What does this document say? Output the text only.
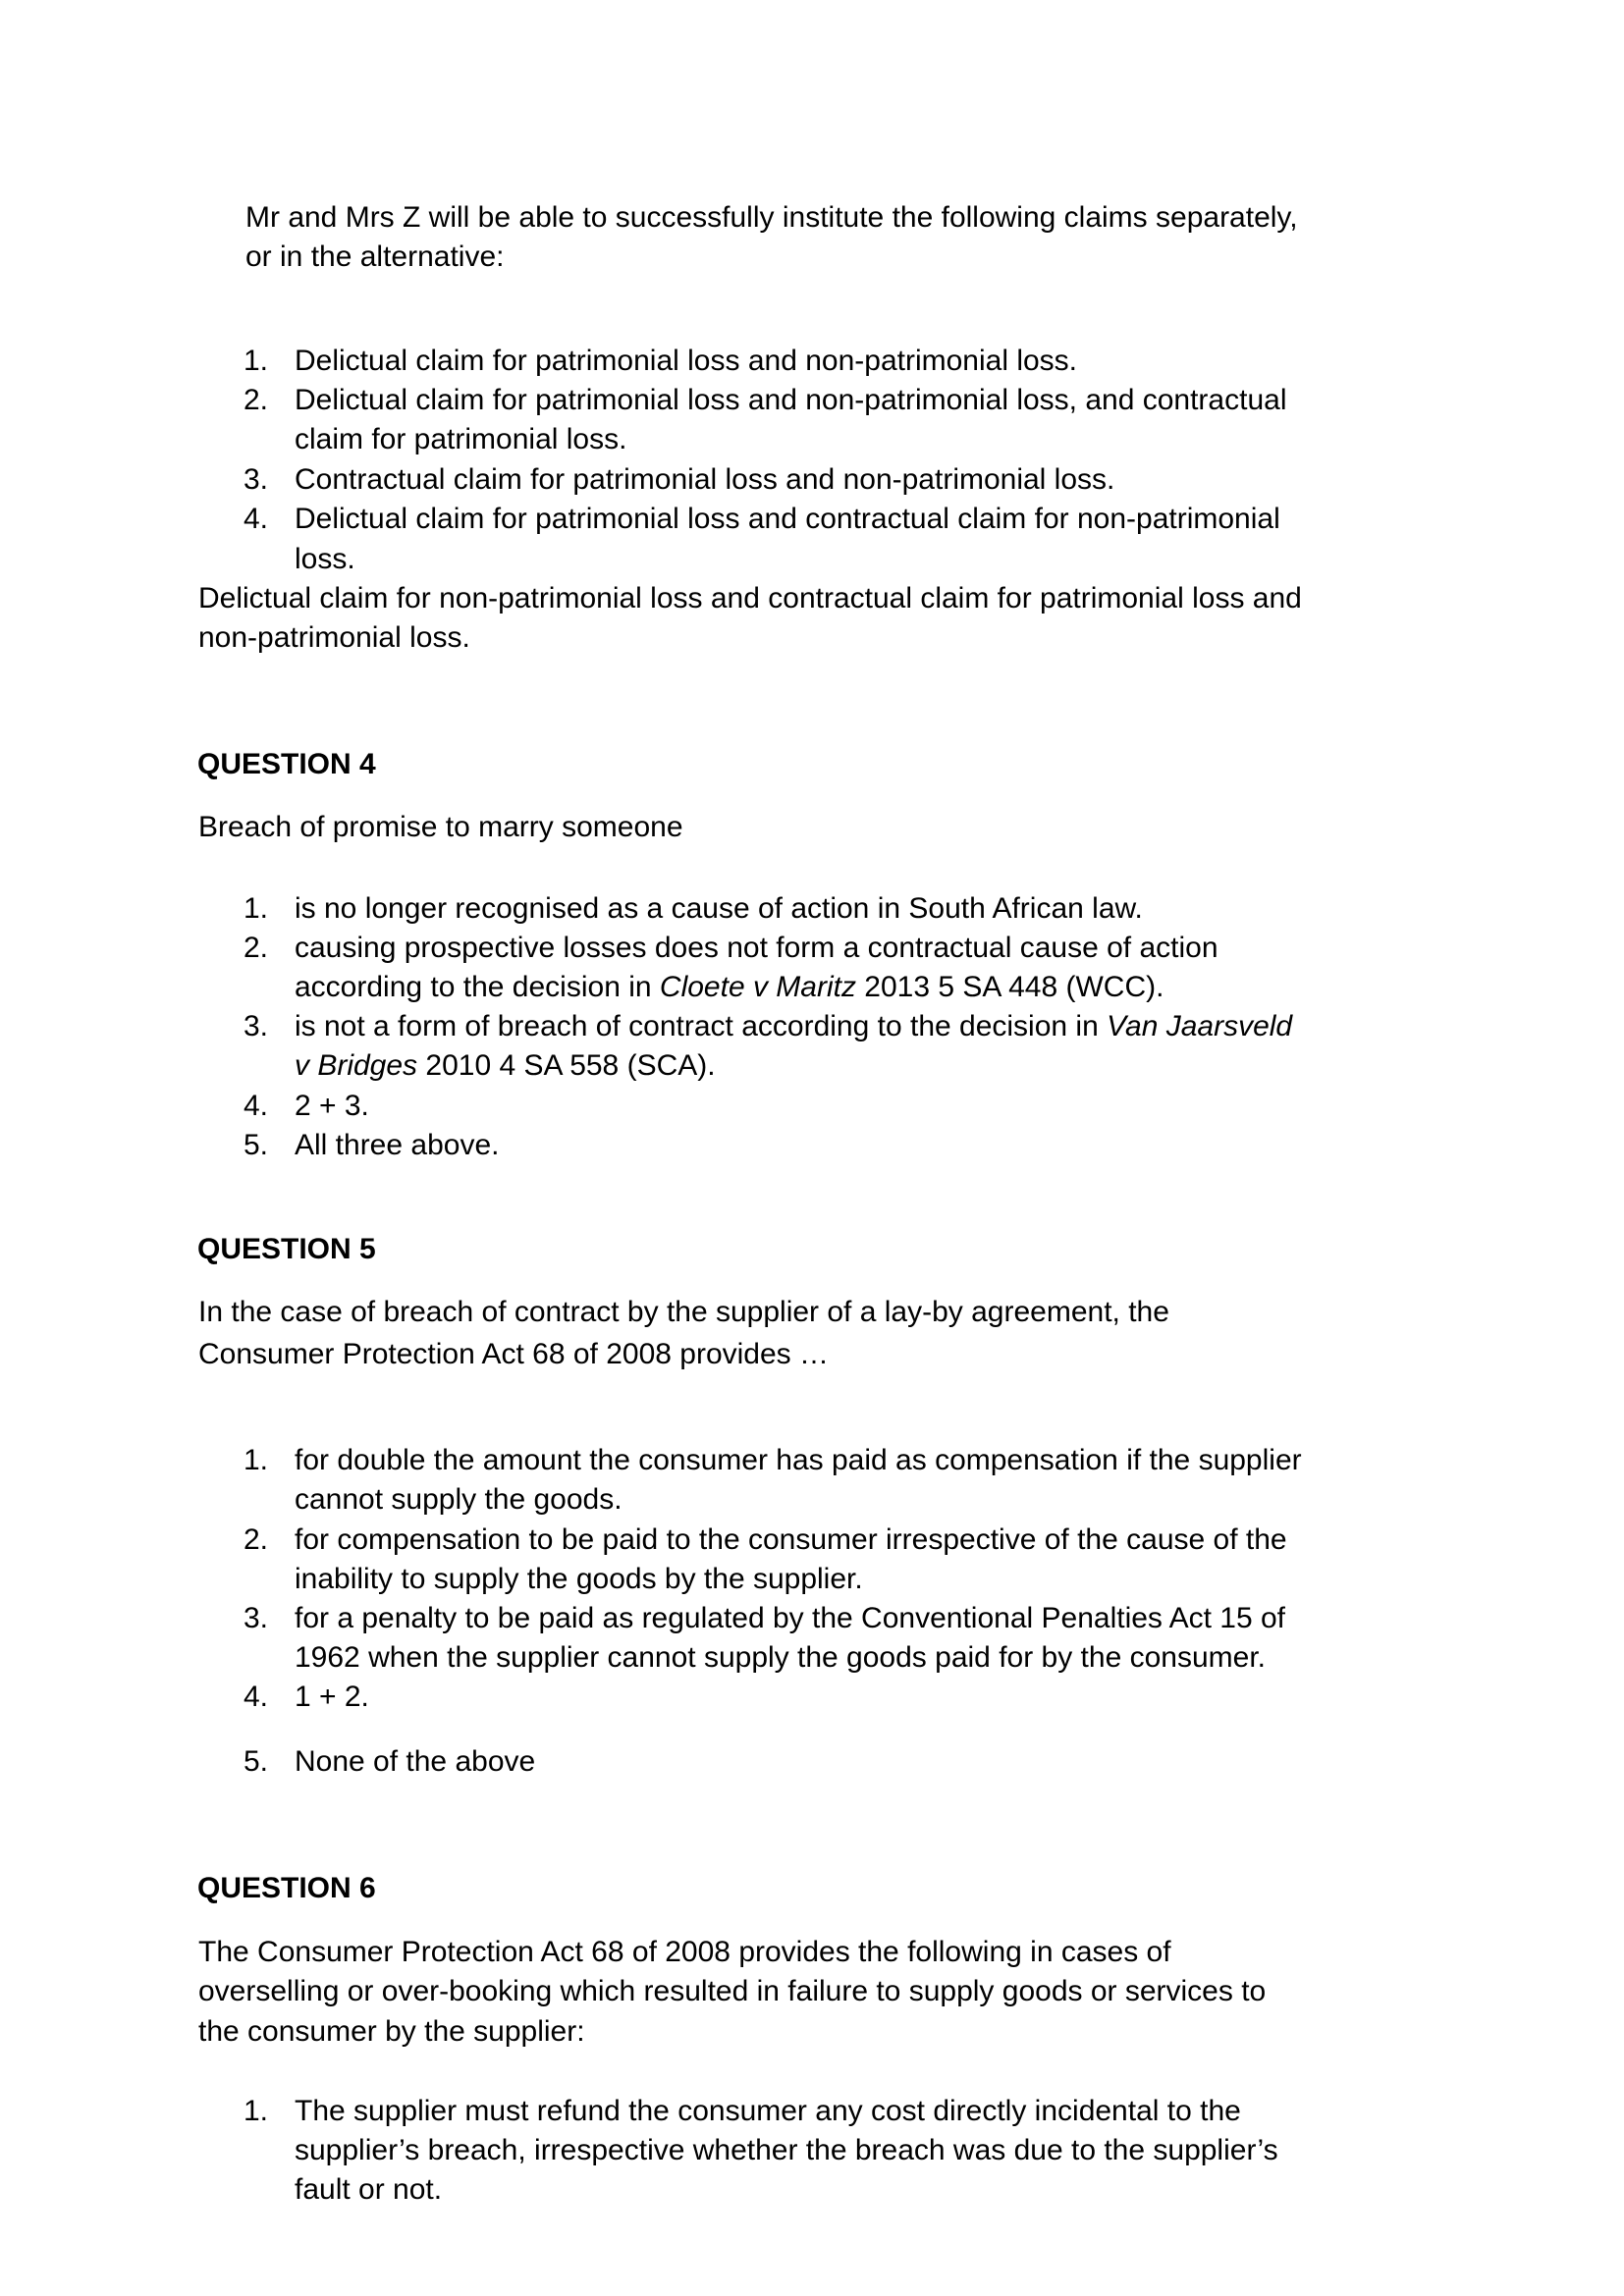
Mr and Mrs Z will be able to successfully institute the following claims separately,
or in the alternative:
1. Delictual claim for patrimonial loss and non-patrimonial loss.
2. Delictual claim for patrimonial loss and non-patrimonial loss, and contractual
claim for patrimonial loss.
3. Contractual claim for patrimonial loss and non-patrimonial loss.
4. Delictual claim for patrimonial loss and contractual claim for non-patrimonial
loss.
Delictual claim for non-patrimonial loss and contractual claim for patrimonial loss and
non-patrimonial loss.
QUESTION 4
Breach of promise to marry someone
1. is no longer recognised as a cause of action in South African law.
2. causing prospective losses does not form a contractual cause of action
according to the decision in Cloete v Maritz 2013 5 SA 448 (WCC).
3. is not a form of breach of contract according to the decision in Van Jaarsveld
v Bridges 2010 4 SA 558 (SCA).
4. 2 + 3.
5. All three above.
QUESTION 5
In the case of breach of contract by the supplier of a lay-by agreement, the
Consumer Protection Act 68 of 2008 provides …
1. for double the amount the consumer has paid as compensation if the supplier
cannot supply the goods.
2. for compensation to be paid to the consumer irrespective of the cause of the
inability to supply the goods by the supplier.
3. for a penalty to be paid as regulated by the Conventional Penalties Act 15 of
1962 when the supplier cannot supply the goods paid for by the consumer.
4. 1 + 2.
5. None of the above
QUESTION 6
The Consumer Protection Act 68 of 2008 provides the following in cases of
overselling or over-booking which resulted in failure to supply goods or services to
the consumer by the supplier:
1. The supplier must refund the consumer any cost directly incidental to the
supplier’s breach, irrespective whether the breach was due to the supplier’s
fault or not.
